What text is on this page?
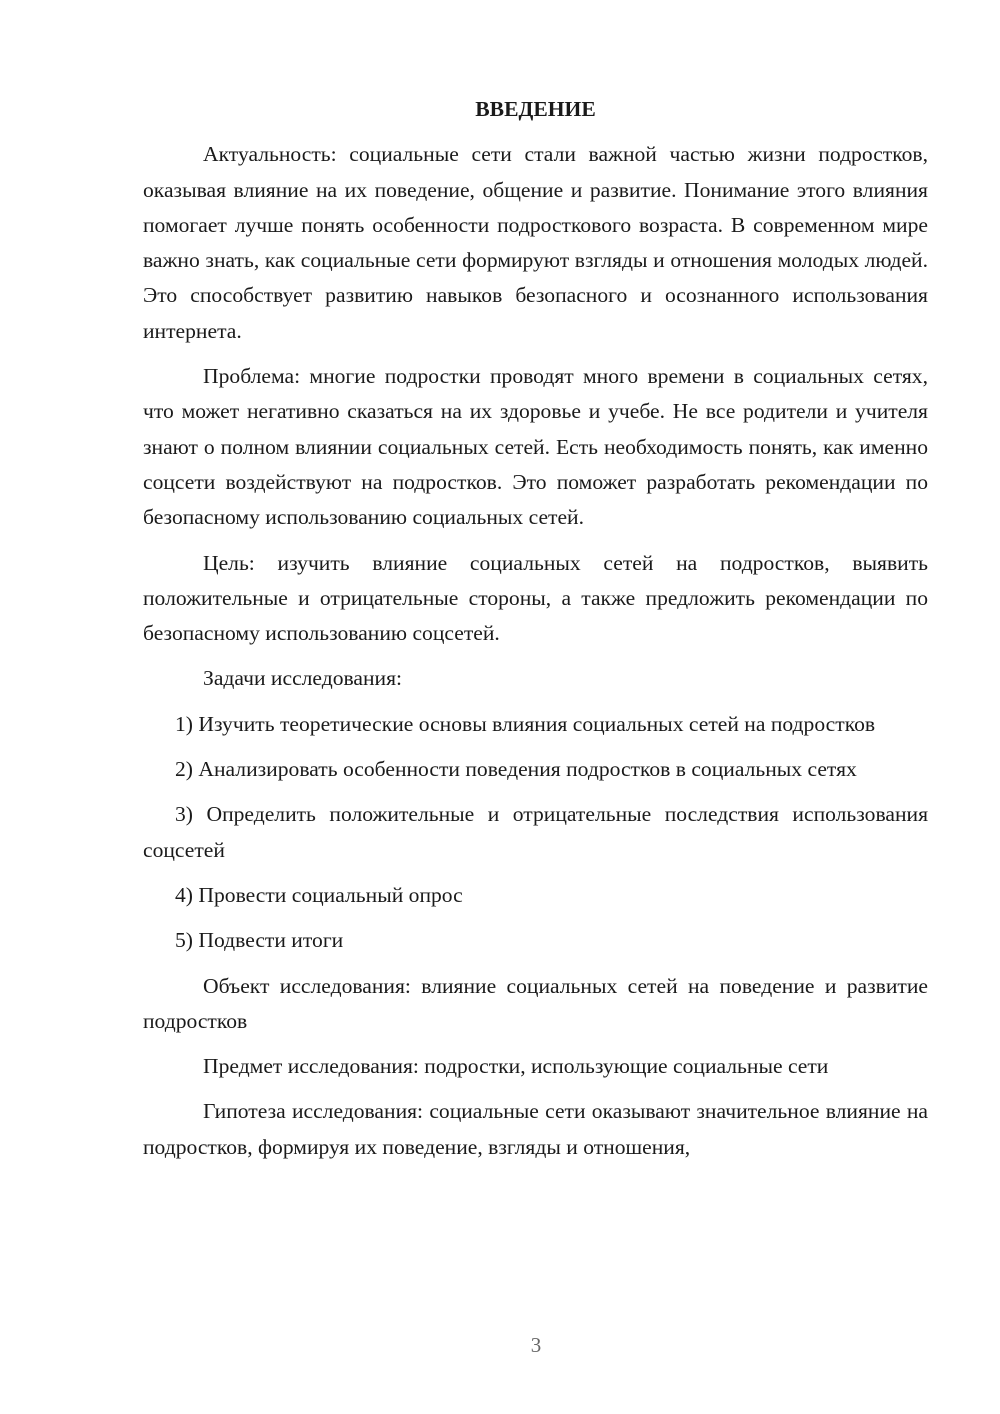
ВВЕДЕНИЕ

Актуальность: социальные сети стали важной частью жизни подростков, оказывая влияние на их поведение, общение и развитие. Понимание этого влияния помогает лучше понять особенности подросткового возраста. В современном мире важно знать, как социальные сети формируют взгляды и отношения молодых людей. Это способствует развитию навыков безопасного и осознанного использования интернета.

Проблема: многие подростки проводят много времени в социальных сетях, что может негативно сказаться на их здоровье и учебе. Не все родители и учителя знают о полном влиянии социальных сетей. Есть необходимость понять, как именно соцсети воздействуют на подростков. Это поможет разработать рекомендации по безопасному использованию социальных сетей.

Цель: изучить влияние социальных сетей на подростков, выявить положительные и отрицательные стороны, а также предложить рекомендации по безопасному использованию соцсетей.

Задачи исследования:

1) Изучить теоретические основы влияния социальных сетей на подростков

2) Анализировать особенности поведения подростков в социальных сетях

3) Определить положительные и отрицательные последствия использования соцсетей

4) Провести социальный опрос

5) Подвести итоги

Объект исследования: влияние социальных сетей на поведение и развитие подростков

Предмет исследования: подростки, использующие социальные сети

Гипотеза исследования: социальные сети оказывают значительное влияние на подростков, формируя их поведение, взгляды и отношения,

3
